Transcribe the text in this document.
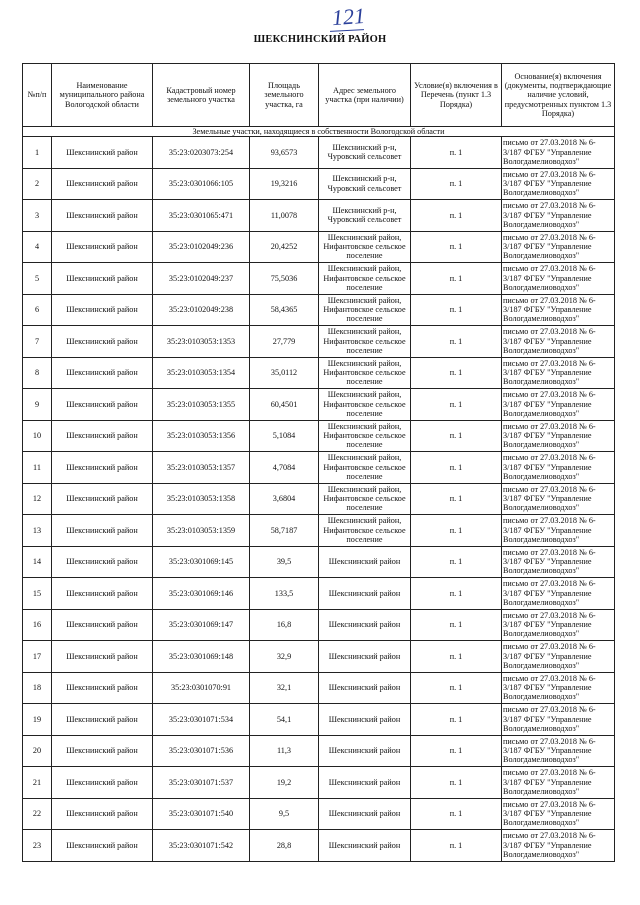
121
ШЕКСНИНСКИЙ РАЙОН
№п/п	Наименование муниципального района Вологодской области	Кадастровый номер земельного участка	Площадь земельного участка, га	Адрес земельного участка (при наличии)	Условие(я) включения в Перечень (пункт 1.3 Порядка)	Основание(я) включения (документы, подтверждающие наличие условий, предусмотренных пунктом 1.3 Порядка)
Земельные участки, находящиеся в собственности Вологодской области						
1	Шекснинский район	35:23:0203073:254	93,6573	Шекснинский р-н, Чуровский сельсовет	п. 1	письмо от 27.03.2018 № 6-3/187 ФГБУ "Управление Вологдамелиоводхоз"
2	Шекснинский район	35:23:0301066:105	19,3216	Шекснинский р-н, Чуровский сельсовет	п. 1	письмо от 27.03.2018 № 6-3/187 ФГБУ "Управление Вологдамелиоводхоз"
3	Шекснинский район	35:23:0301065:471	11,0078	Шекснинский р-н, Чуровский сельсовет	п. 1	письмо от 27.03.2018 № 6-3/187 ФГБУ "Управление Вологдамелиоводхоз"
4	Шекснинский район	35:23:0102049:236	20,4252	Шекснинский район, Нифантовское сельское поселение	п. 1	письмо от 27.03.2018 № 6-3/187 ФГБУ "Управление Вологдамелиоводхоз"
5	Шекснинский район	35:23:0102049:237	75,5036	Шекснинский район, Нифантовское сельское поселение	п. 1	письмо от 27.03.2018 № 6-3/187 ФГБУ "Управление Вологдамелиоводхоз"
6	Шекснинский район	35:23:0102049:238	58,4365	Шекснинский район, Нифантовское сельское поселение	п. 1	письмо от 27.03.2018 № 6-3/187 ФГБУ "Управление Вологдамелиоводхоз"
7	Шекснинский район	35:23:0103053:1353	27,779	Шекснинский район, Нифантовское сельское поселение	п. 1	письмо от 27.03.2018 № 6-3/187 ФГБУ "Управление Вологдамелиоводхоз"
8	Шекснинский район	35:23:0103053:1354	35,0112	Шекснинский район, Нифантовское сельское поселение	п. 1	письмо от 27.03.2018 № 6-3/187 ФГБУ "Управление Вологдамелиоводхоз"
9	Шекснинский район	35:23:0103053:1355	60,4501	Шекснинский район, Нифантовское сельское поселение	п. 1	письмо от 27.03.2018 № 6-3/187 ФГБУ "Управление Вологдамелиоводхоз"
10	Шекснинский район	35:23:0103053:1356	5,1084	Шекснинский район, Нифантовское сельское поселение	п. 1	письмо от 27.03.2018 № 6-3/187 ФГБУ "Управление Вологдамелиоводхоз"
11	Шекснинский район	35:23:0103053:1357	4,7084	Шекснинский район, Нифантовское сельское поселение	п. 1	письмо от 27.03.2018 № 6-3/187 ФГБУ "Управление Вологдамелиоводхоз"
12	Шекснинский район	35:23:0103053:1358	3,6804	Шекснинский район, Нифантовское сельское поселение	п. 1	письмо от 27.03.2018 № 6-3/187 ФГБУ "Управление Вологдамелиоводхоз"
13	Шекснинский район	35:23:0103053:1359	58,7187	Шекснинский район, Нифантовское сельское поселение	п. 1	письмо от 27.03.2018 № 6-3/187 ФГБУ "Управление Вологдамелиоводхоз"
14	Шекснинский район	35:23:0301069:145	39,5	Шекснинский район	п. 1	письмо от 27.03.2018 № 6-3/187 ФГБУ "Управление Вологдамелиоводхоз"
15	Шекснинский район	35:23:0301069:146	133,5	Шекснинский район	п. 1	письмо от 27.03.2018 № 6-3/187 ФГБУ "Управление Вологдамелиоводхоз"
16	Шекснинский район	35:23:0301069:147	16,8	Шекснинский район	п. 1	письмо от 27.03.2018 № 6-3/187 ФГБУ "Управление Вологдамелиоводхоз"
17	Шекснинский район	35:23:0301069:148	32,9	Шекснинский район	п. 1	письмо от 27.03.2018 № 6-3/187 ФГБУ "Управление Вологдамелиоводхоз"
18	Шекснинский район	35:23:0301070:91	32,1	Шекснинский район	п. 1	письмо от 27.03.2018 № 6-3/187 ФГБУ "Управление Вологдамелиоводхоз"
19	Шекснинский район	35:23:0301071:534	54,1	Шекснинский район	п. 1	письмо от 27.03.2018 № 6-3/187 ФГБУ "Управление Вологдамелиоводхоз"
20	Шекснинский район	35:23:0301071:536	11,3	Шекснинский район	п. 1	письмо от 27.03.2018 № 6-3/187 ФГБУ "Управление Вологдамелиоводхоз"
21	Шекснинский район	35:23:0301071:537	19,2	Шекснинский район	п. 1	письмо от 27.03.2018 № 6-3/187 ФГБУ "Управление Вологдамелиоводхоз"
22	Шекснинский район	35:23:0301071:540	9,5	Шекснинский район	п. 1	письмо от 27.03.2018 № 6-3/187 ФГБУ "Управление Вологдамелиоводхоз"
23	Шекснинский район	35:23:0301071:542	28,8	Шекснинский район	п. 1	письмо от 27.03.2018 № 6-3/187 ФГБУ "Управление Вологдамелиоводхоз"
